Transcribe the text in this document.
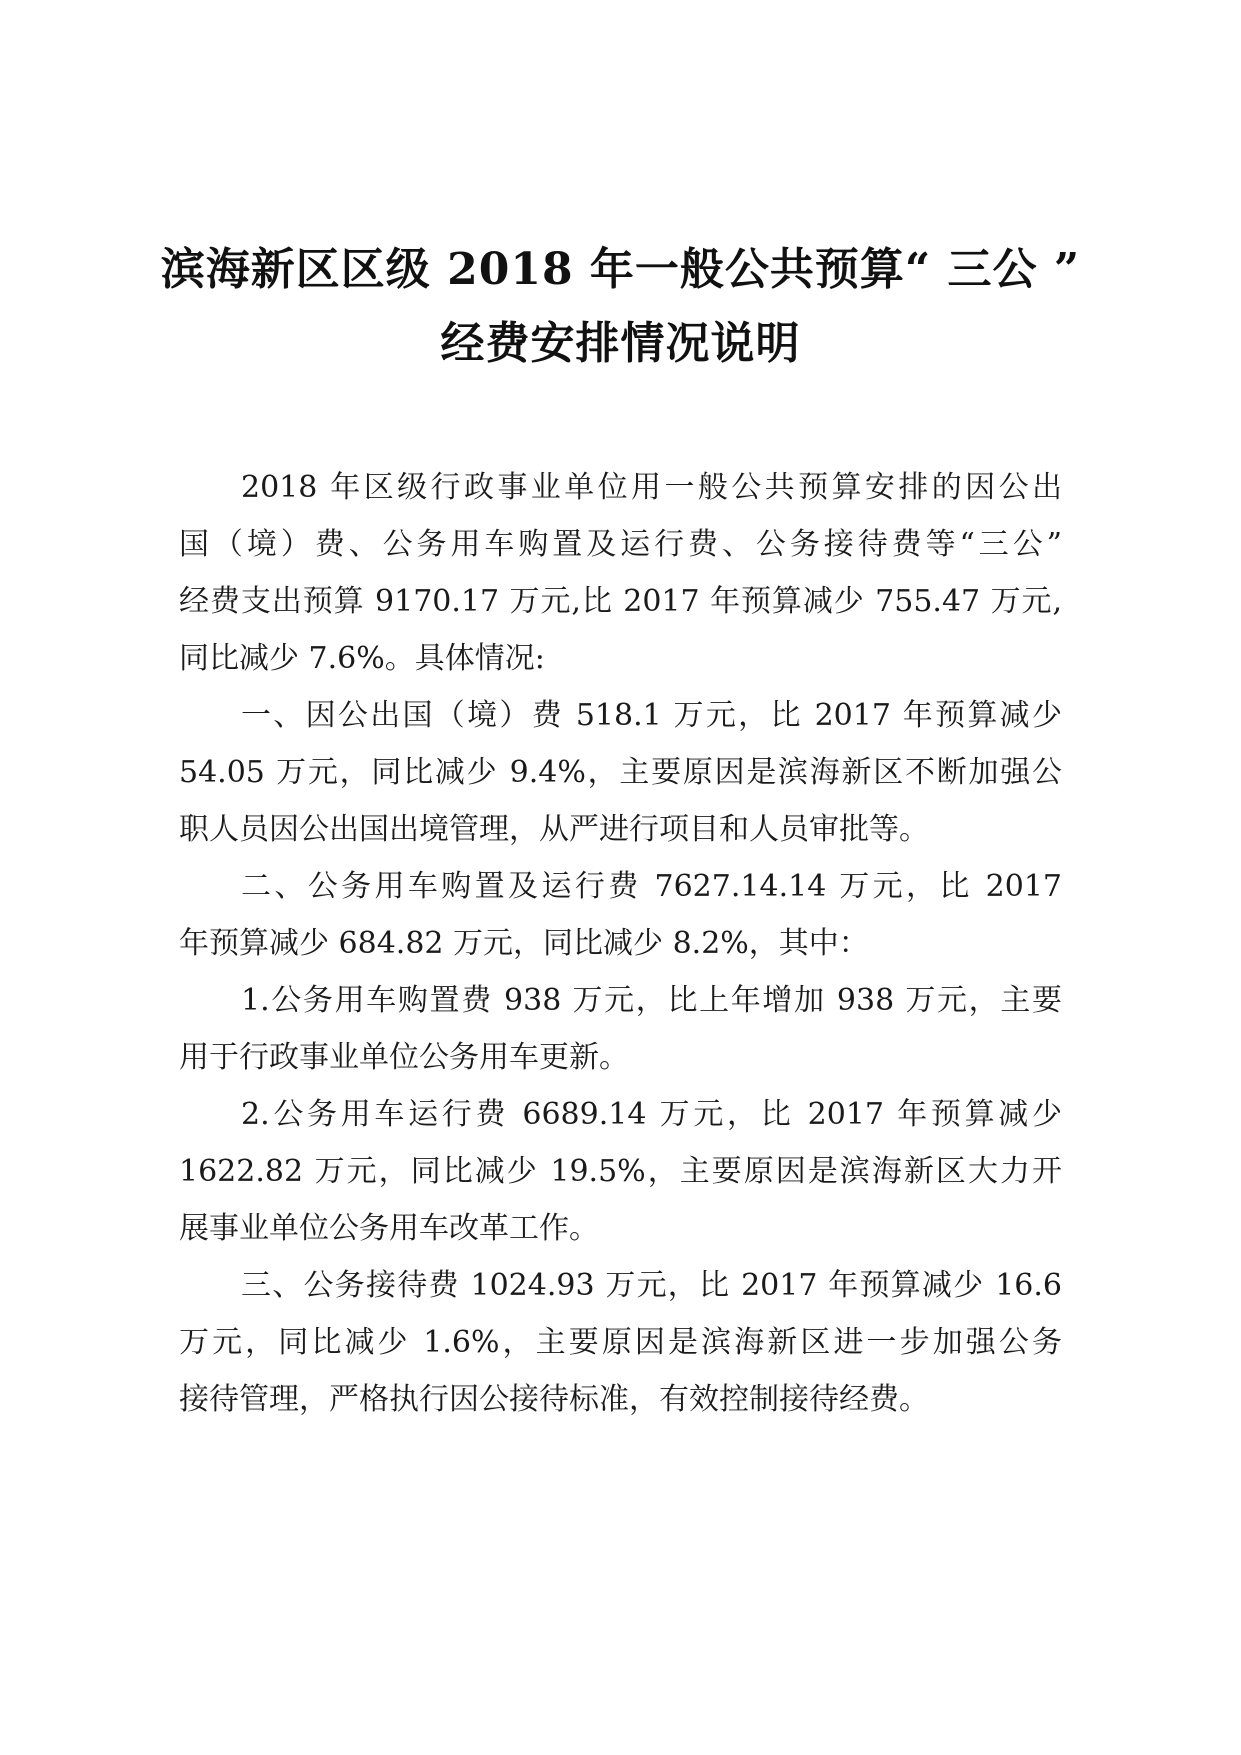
滨海新区区级 2018 年一般公共预算“ 三公 ”
经费安排情况说明
2018 年区级行政事业单位用一般公共预算安排的因公出
国（境）费、公务用车购置及运行费、公务接待费等“三公”
经费支出预算 9170.17 万元,比 2017 年预算减少 755.47 万元,
同比减少 7.6%。具体情况:
一、因公出国（境）费 518.1 万元，比 2017 年预算减少
54.05 万元，同比减少 9.4%，主要原因是滨海新区不断加强公
职人员因公出国出境管理，从严进行项目和人员审批等。
二、公务用车购置及运行费 7627.14.14 万元，比 2017
年预算减少 684.82 万元，同比减少 8.2%，其中：
1.公务用车购置费 938 万元，比上年增加 938 万元，主要
用于行政事业单位公务用车更新。
2.公务用车运行费 6689.14 万元，比 2017 年预算减少
1622.82 万元，同比减少 19.5%，主要原因是滨海新区大力开
展事业单位公务用车改革工作。
三、公务接待费 1024.93 万元，比 2017 年预算减少 16.6
万元，同比减少 1.6%，主要原因是滨海新区进一步加强公务
接待管理，严格执行因公接待标准，有效控制接待经费。
